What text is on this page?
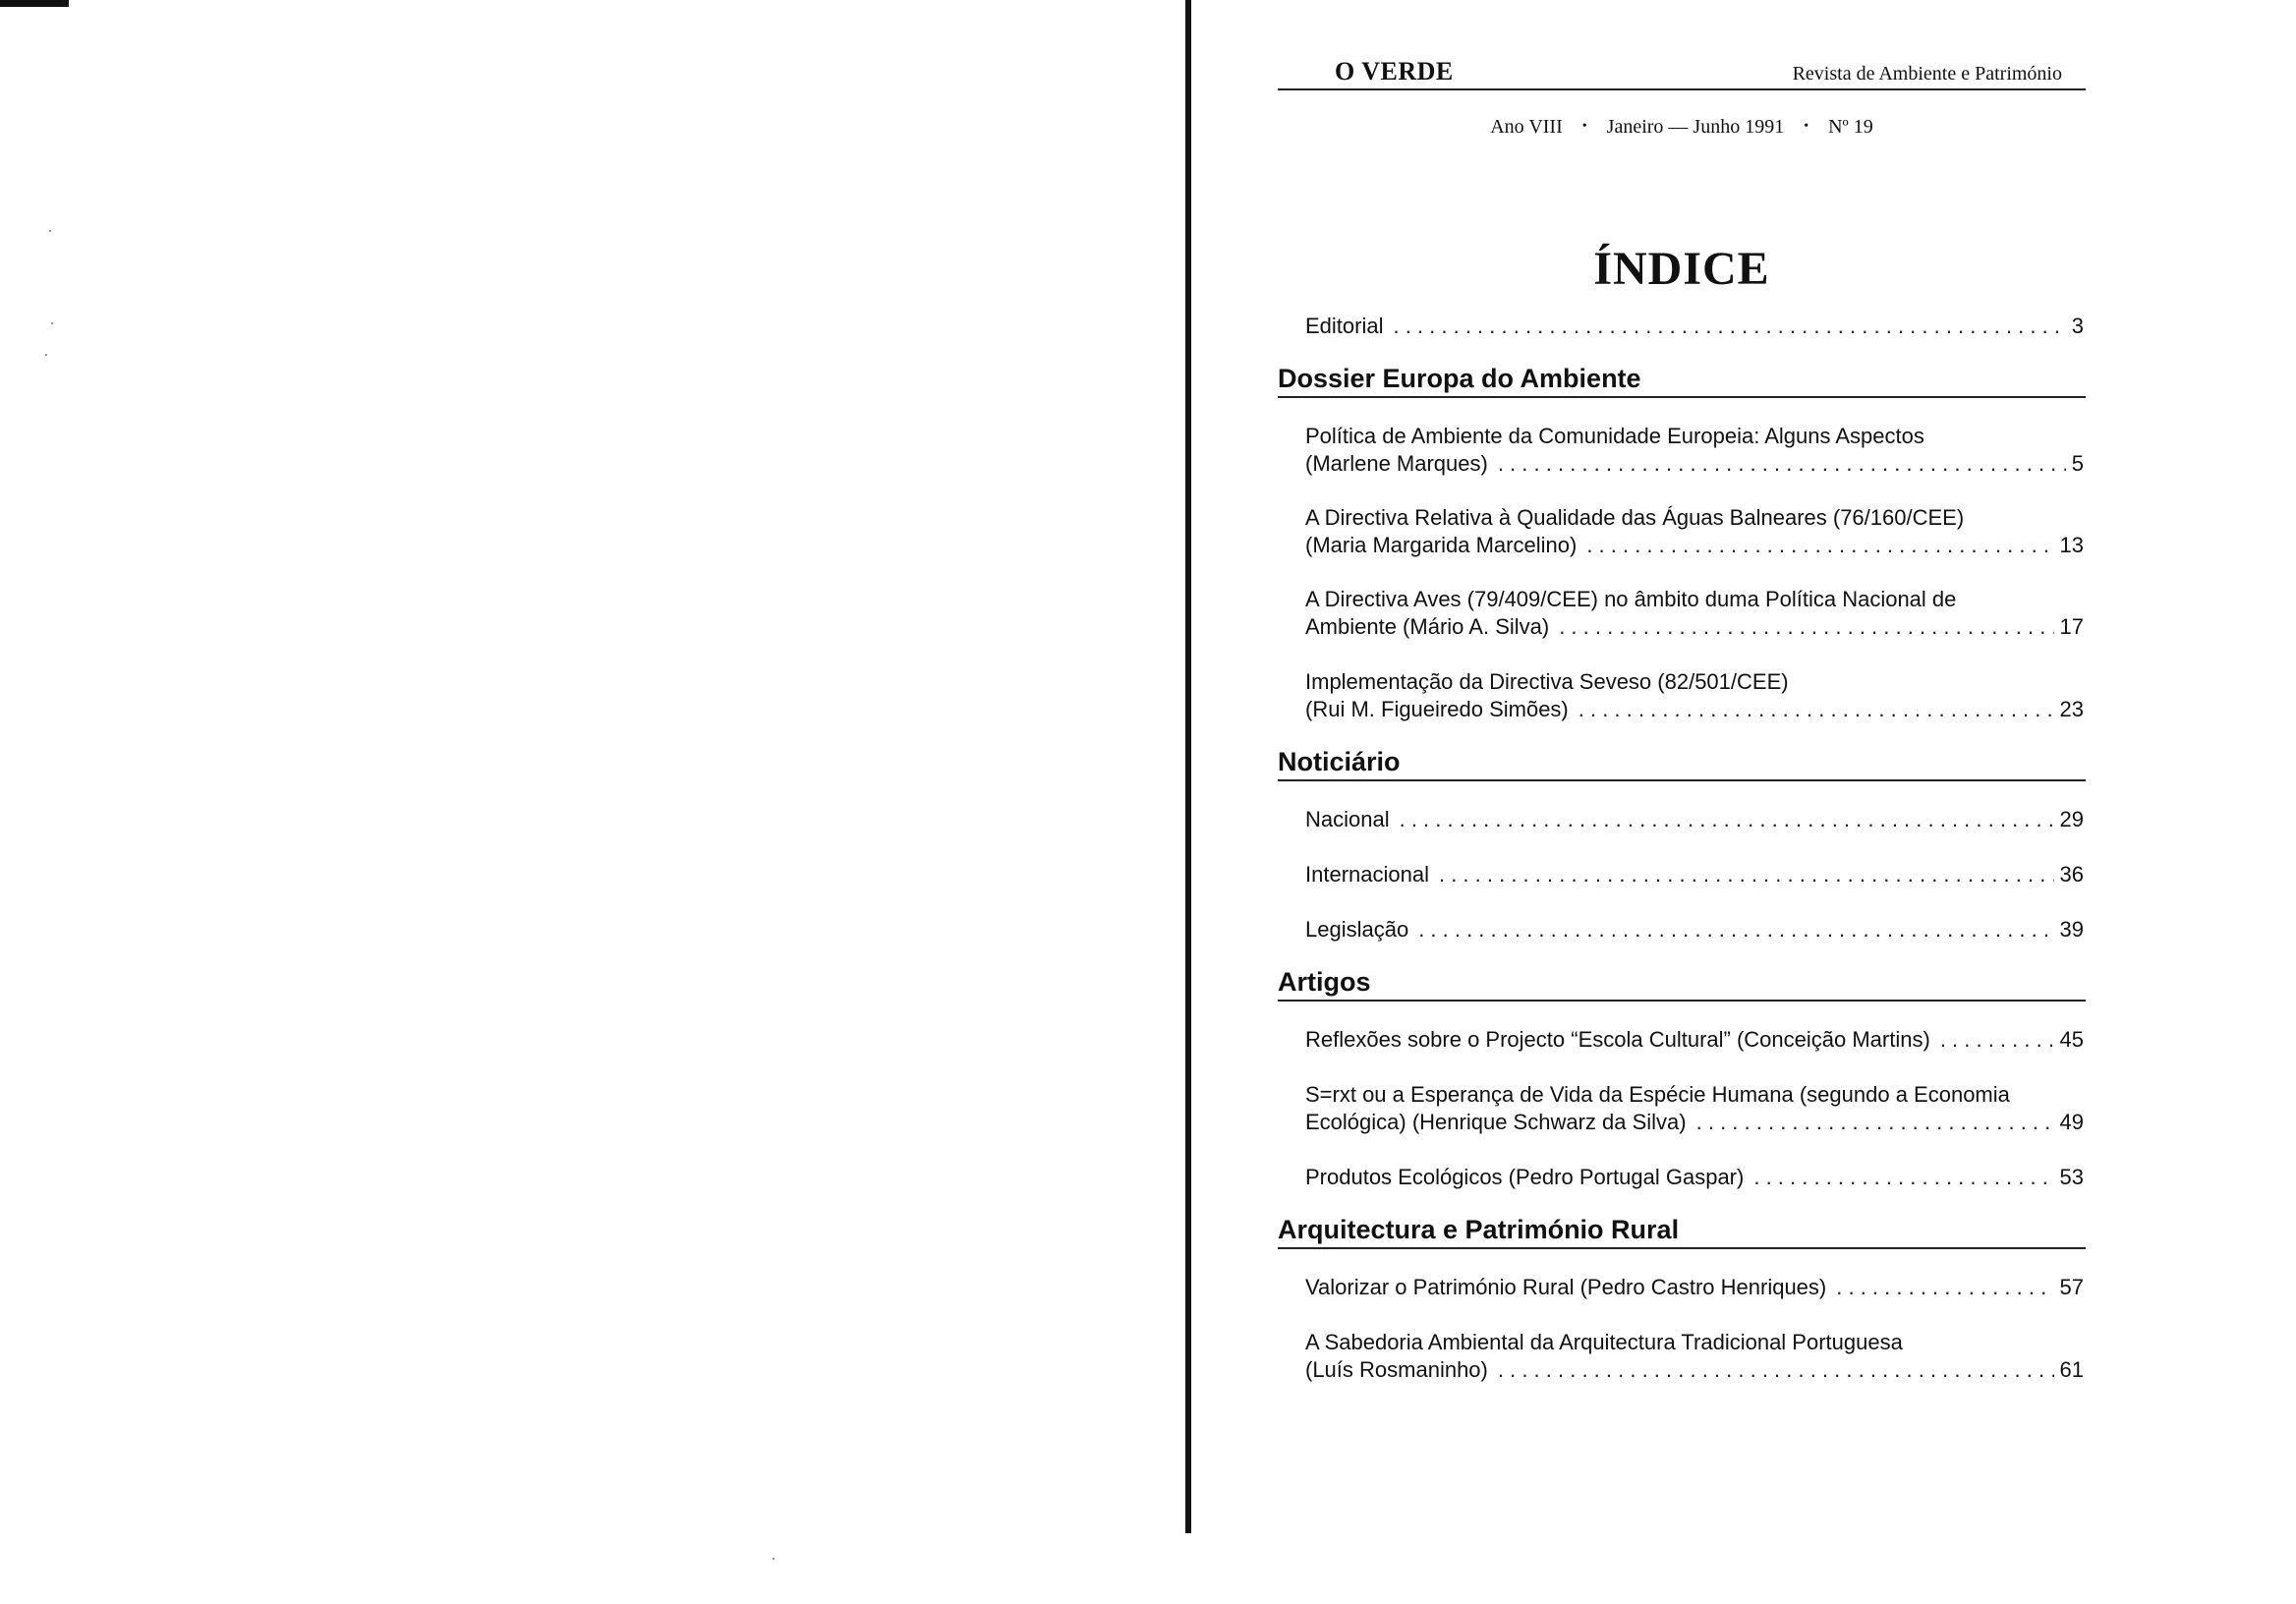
O VERDE	Revista de Ambiente e Património
Ano VIII • Janeiro — Junho 1991 • Nº 19
ÍNDICE
Editorial . . .	3
Dossier Europa do Ambiente
Política de Ambiente da Comunidade Europeia: Alguns Aspectos
(Marlene Marques) . . .	5
A Directiva Relativa à Qualidade das Águas Balneares (76/160/CEE)
(Maria Margarida Marcelino) . . .	13
A Directiva Aves (79/409/CEE) no âmbito duma Política Nacional de
Ambiente (Mário A. Silva) . . .	17
Implementação da Directiva Seveso (82/501/CEE)
(Rui M. Figueiredo Simões) . . .	23
Noticiário
Nacional . . .	29
Internacional . . .	36
Legislação . . .	39
Artigos
Reflexões sobre o Projecto “Escola Cultural” (Conceição Martins) . . .	45
S=rxt ou a Esperança de Vida da Espécie Humana (segundo a Economia
Ecológica) (Henrique Schwarz da Silva) . . .	49
Produtos Ecológicos (Pedro Portugal Gaspar) . . .	53
Arquitectura e Património Rural
Valorizar o Património Rural (Pedro Castro Henriques) . . .	57
A Sabedoria Ambiental da Arquitectura Tradicional Portuguesa
(Luís Rosmaninho) . . .	61
